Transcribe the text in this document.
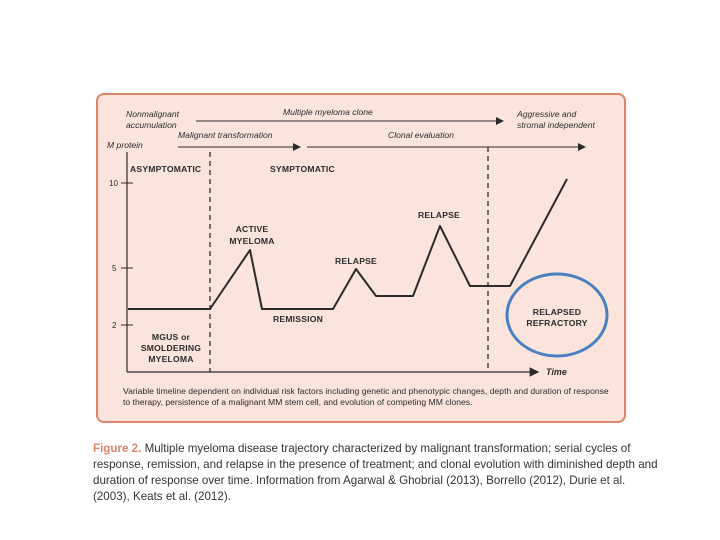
Nonmalignant
accumulation
Multiple myeloma clone	Aggressive and
stromal independent
Malignant transformation	Clonal evaluation
M protein
Time
10
5
2
ASYMPTOMATIC	SYMPTOMATIC
ACTIVE
MYELOMA
RELAPSE
RELAPSE
REMISSION
MGUS or
SMOLDERING
MYELOMA
RELAPSED
REFRACTORY

Variable timeline dependent on individual risk factors including genetic and phenotypic changes, depth and duration of response to therapy, persistence of a malignant MM stem cell, and evolution of competing MM clones.

Figure 2. Multiple myeloma disease trajectory characterized by malignant transformation; serial cycles of response, remission, and relapse in the presence of treatment; and clonal evolution with diminished depth and duration of response over time. Information from Agarwal & Ghobrial (2013), Borrello (2012), Durie et al. (2003), Keats et al. (2012).
